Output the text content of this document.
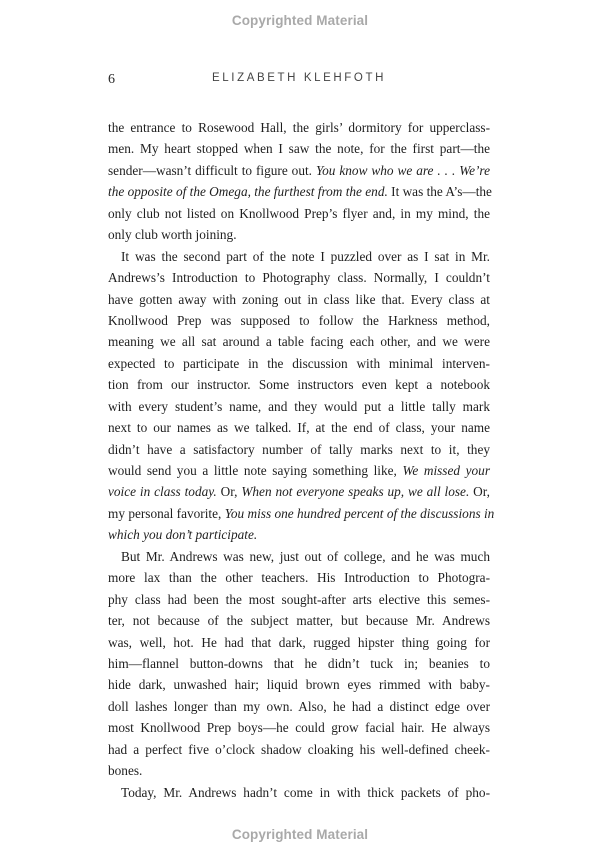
Copyrighted Material
6	ELIZABETH KLEHFOTH
the entrance to Rosewood Hall, the girls’ dormitory for upperclass-
men. My heart stopped when I saw the note, for the first part—the
sender—wasn’t difficult to figure out. You know who we are . . . We’re
the opposite of the Omega, the furthest from the end. It was the A’s—the
only club not listed on Knollwood Prep’s flyer and, in my mind, the
only club worth joining.
It was the second part of the note I puzzled over as I sat in Mr.
Andrews’s Introduction to Photography class. Normally, I couldn’t
have gotten away with zoning out in class like that. Every class at
Knollwood Prep was supposed to follow the Harkness method,
meaning we all sat around a table facing each other, and we were
expected to participate in the discussion with minimal interven-
tion from our instructor. Some instructors even kept a notebook
with every student’s name, and they would put a little tally mark
next to our names as we talked. If, at the end of class, your name
didn’t have a satisfactory number of tally marks next to it, they
would send you a little note saying something like, We missed your
voice in class today. Or, When not everyone speaks up, we all lose. Or,
my personal favorite, You miss one hundred percent of the discussions in
which you don’t participate.
But Mr. Andrews was new, just out of college, and he was much
more lax than the other teachers. His Introduction to Photogra-
phy class had been the most sought-after arts elective this semes-
ter, not because of the subject matter, but because Mr. Andrews
was, well, hot. He had that dark, rugged hipster thing going for
him—flannel button-downs that he didn’t tuck in; beanies to
hide dark, unwashed hair; liquid brown eyes rimmed with baby-
doll lashes longer than my own. Also, he had a distinct edge over
most Knollwood Prep boys—he could grow facial hair. He always
had a perfect five o’clock shadow cloaking his well-defined cheek-
bones.
Today, Mr. Andrews hadn’t come in with thick packets of pho-
Copyrighted Material
